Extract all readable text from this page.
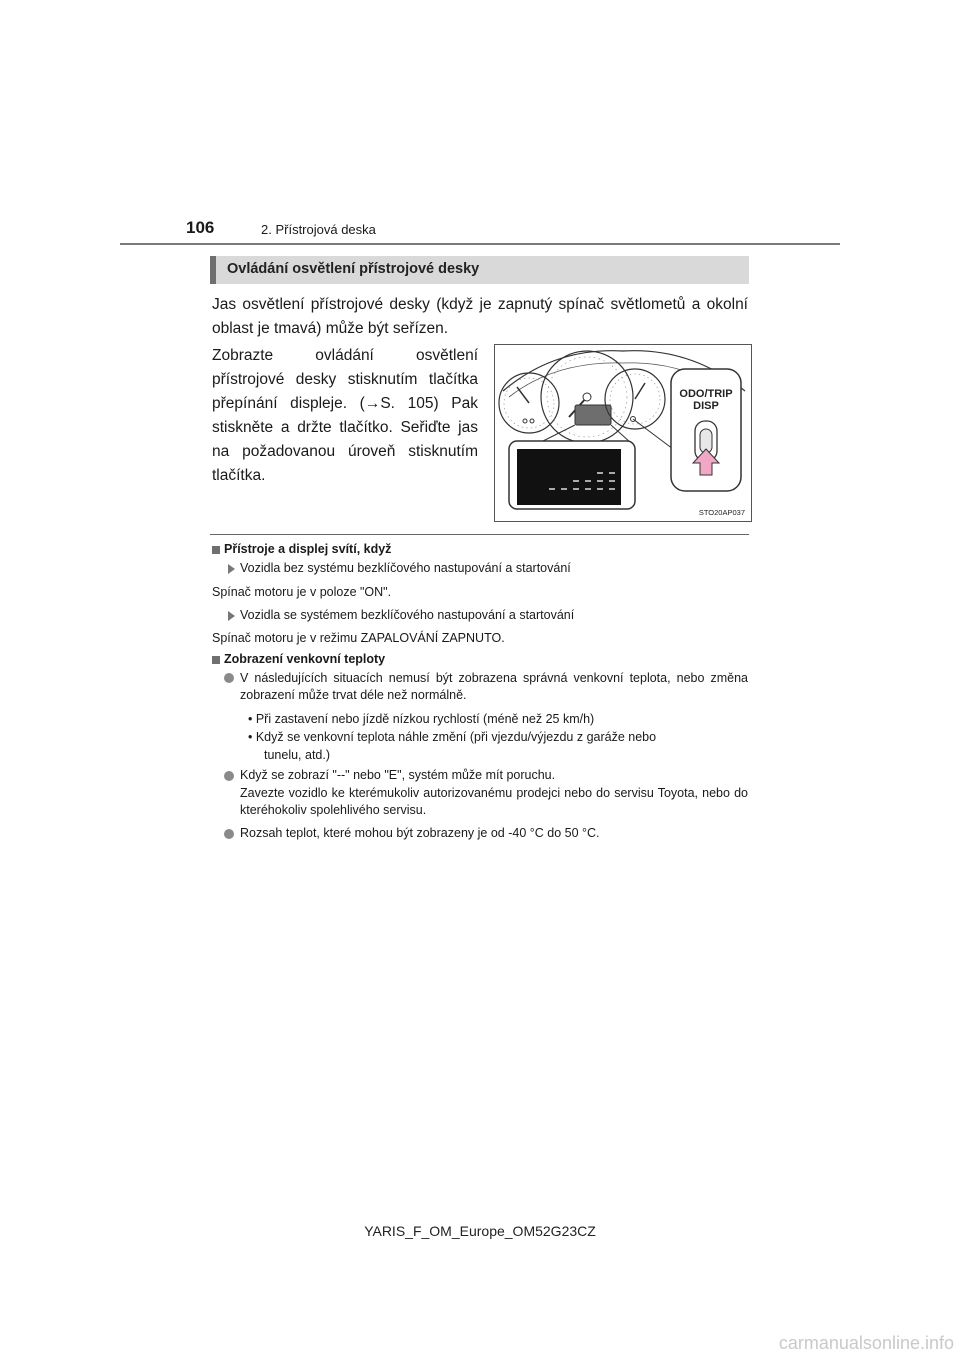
106	2. Přístrojová deska
Ovládání osvětlení přístrojové desky
Jas osvětlení přístrojové desky (když je zapnutý spínač světlometů a okolní oblast je tmavá) může být seřízen.
Zobrazte ovládání osvětlení přístrojové desky stisknutím tlačítka přepínání displeje. (→S. 105) Pak stiskněte a držte tlačítko. Seřiďte jas na požadovanou úroveň stisknutím tlačítka.
ODO/TRIP
DISP
STO20AP037
Přístroje a displej svítí, když
Vozidla bez systému bezklíčového nastupování a startování
Spínač motoru je v poloze "ON".
Vozidla se systémem bezklíčového nastupování a startování
Spínač motoru je v režimu ZAPALOVÁNÍ ZAPNUTO.
Zobrazení venkovní teploty
V následujících situacích nemusí být zobrazena správná venkovní teplota, nebo změna zobrazení může trvat déle než normálně.
• Při zastavení nebo jízdě nízkou rychlostí (méně než 25 km/h)
• Když se venkovní teplota náhle změní (při vjezdu/výjezdu z garáže nebo
tunelu, atd.)
Když se zobrazí "--" nebo "E", systém může mít poruchu.
Zavezte vozidlo ke kterémukoliv autorizovanému prodejci nebo do servisu Toyota, nebo do kteréhokoliv spolehlivého servisu.
Rozsah teplot, které mohou být zobrazeny je od -40 °C do 50 °C.
YARIS_F_OM_Europe_OM52G23CZ
carmanualsonline.info
